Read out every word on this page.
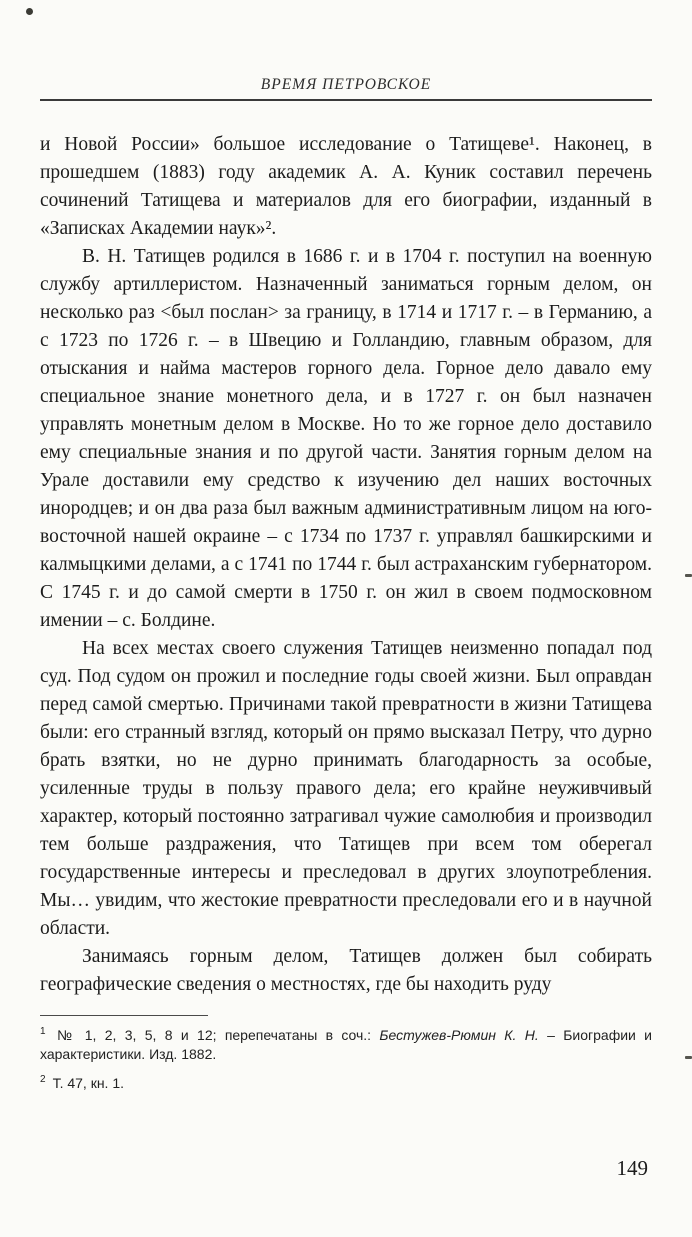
ВРЕМЯ ПЕТРОВСКОЕ

и Новой России» большое исследование о Татищеве¹. Наконец, в прошедшем (1883) году академик А. А. Куник составил перечень сочинений Татищева и материалов для его биографии, изданный в «Записках Академии наук»².

В. Н. Татищев родился в 1686 г. и в 1704 г. поступил на военную службу артиллеристом. Назначенный заниматься горным делом, он несколько раз <был послан> за границу, в 1714 и 1717 г. – в Германию, а с 1723 по 1726 г. – в Швецию и Голландию, главным образом, для отыскания и найма мастеров горного дела. Горное дело давало ему специальное знание монетного дела, и в 1727 г. он был назначен управлять монетным делом в Москве. Но то же горное дело доставило ему специальные знания и по другой части. Занятия горным делом на Урале доставили ему средство к изучению дел наших восточных инородцев; и он два раза был важным административным лицом на юго-восточной нашей окраине – с 1734 по 1737 г. управлял башкирскими и калмыцкими делами, а с 1741 по 1744 г. был астраханским губернатором. С 1745 г. и до самой смерти в 1750 г. он жил в своем подмосковном имении – с. Болдине.

На всех местах своего служения Татищев неизменно попадал под суд. Под судом он прожил и последние годы своей жизни. Был оправдан перед самой смертью. Причинами такой превратности в жизни Татищева были: его странный взгляд, который он прямо высказал Петру, что дурно брать взятки, но не дурно принимать благодарность за особые, усиленные труды в пользу правого дела; его крайне неуживчивый характер, который постоянно затрагивал чужие самолюбия и производил тем больше раздражения, что Татищев при всем том оберегал государственные интересы и преследовал в других злоупотребления. Мы… увидим, что жестокие превратности преследовали его и в научной области.

Занимаясь горным делом, Татищев должен был собирать географические сведения о местностях, где бы находить руду

$^1$ № 1, 2, 3, 5, 8 и 12; перепечатаны в соч.: Бестужев-Рюмин К. Н. – Биографии и характеристики. Изд. 1882.
$^2$ Т. 47, кн. 1.
149
